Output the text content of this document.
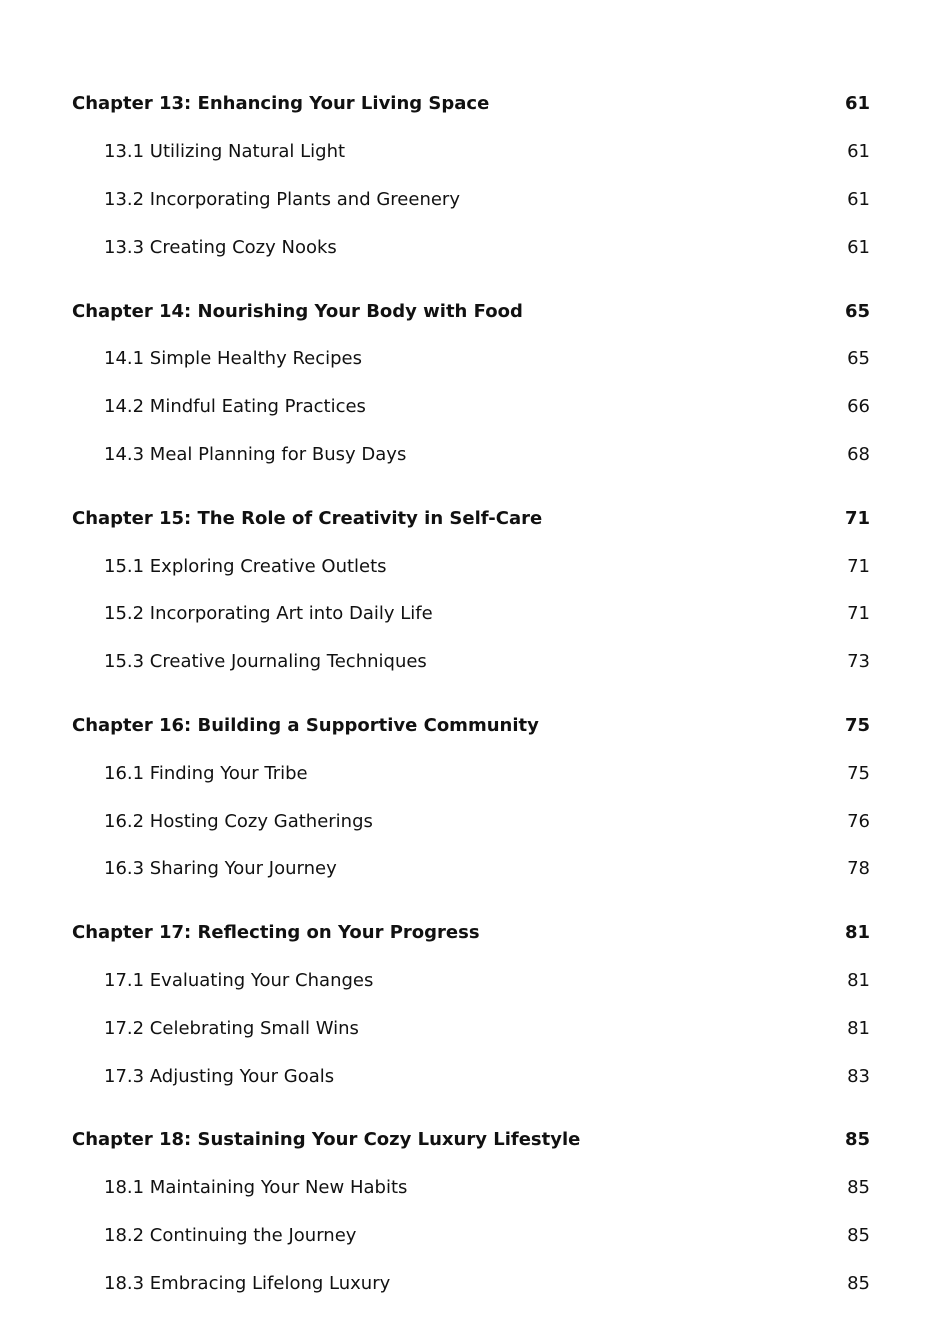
Chapter 13: Enhancing Your Living Space	61
13.1 Utilizing Natural Light	61
13.2 Incorporating Plants and Greenery	61
13.3 Creating Cozy Nooks	61
Chapter 14: Nourishing Your Body with Food	65
14.1 Simple Healthy Recipes	65
14.2 Mindful Eating Practices	66
14.3 Meal Planning for Busy Days	68
Chapter 15: The Role of Creativity in Self-Care	71
15.1 Exploring Creative Outlets	71
15.2 Incorporating Art into Daily Life	71
15.3 Creative Journaling Techniques	73
Chapter 16: Building a Supportive Community	75
16.1 Finding Your Tribe	75
16.2 Hosting Cozy Gatherings	76
16.3 Sharing Your Journey	78
Chapter 17: Reflecting on Your Progress	81
17.1 Evaluating Your Changes	81
17.2 Celebrating Small Wins	81
17.3 Adjusting Your Goals	83
Chapter 18: Sustaining Your Cozy Luxury Lifestyle	85
18.1 Maintaining Your New Habits	85
18.2 Continuing the Journey	85
18.3 Embracing Lifelong Luxury	85
